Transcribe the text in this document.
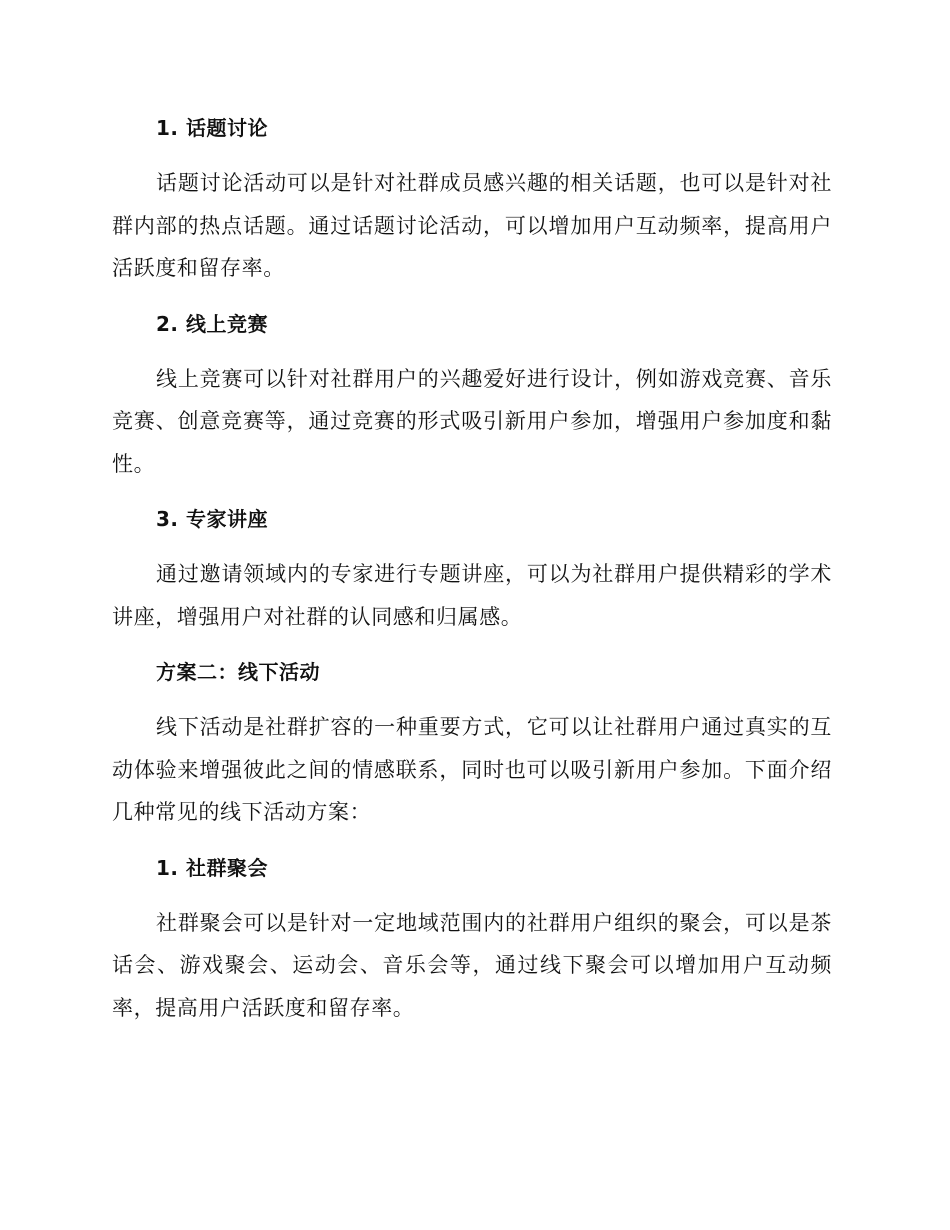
1. 话题讨论

话题讨论活动可以是针对社群成员感兴趣的相关话题，也可以是针对社群内部的热点话题。通过话题讨论活动，可以增加用户互动频率，提高用户活跃度和留存率。

2. 线上竞赛

线上竞赛可以针对社群用户的兴趣爱好进行设计，例如游戏竞赛、音乐竞赛、创意竞赛等，通过竞赛的形式吸引新用户参加，增强用户参加度和黏性。

3. 专家讲座

通过邀请领域内的专家进行专题讲座，可以为社群用户提供精彩的学术讲座，增强用户对社群的认同感和归属感。

方案二：线下活动

线下活动是社群扩容的一种重要方式，它可以让社群用户通过真实的互动体验来增强彼此之间的情感联系，同时也可以吸引新用户参加。下面介绍几种常见的线下活动方案：

1. 社群聚会

社群聚会可以是针对一定地域范围内的社群用户组织的聚会，可以是茶话会、游戏聚会、运动会、音乐会等，通过线下聚会可以增加用户互动频率，提高用户活跃度和留存率。
